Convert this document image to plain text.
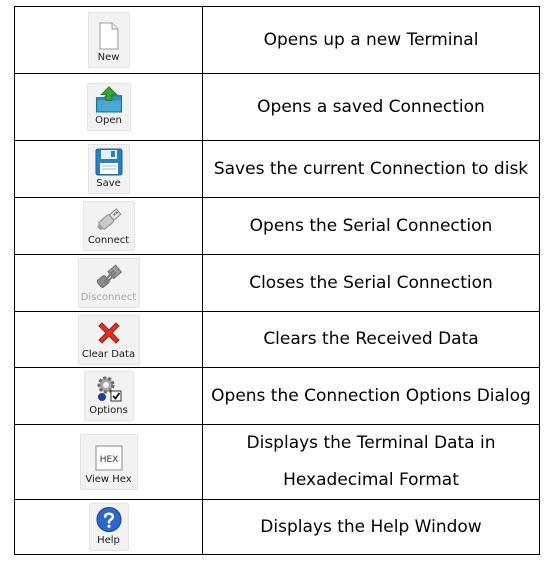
New	Opens up a new Terminal

Open	Opens a saved Connection

Save	Saves the current Connection to disk

Connect	Opens the Serial Connection

Disconnect	Closes the Serial Connection

Clear Data	Clears the Received Data

Options	Opens the Connection Options Dialog

HEX
View Hex	Displays the Terminal Data in
Hexadecimal Format

Help	Displays the Help Window
